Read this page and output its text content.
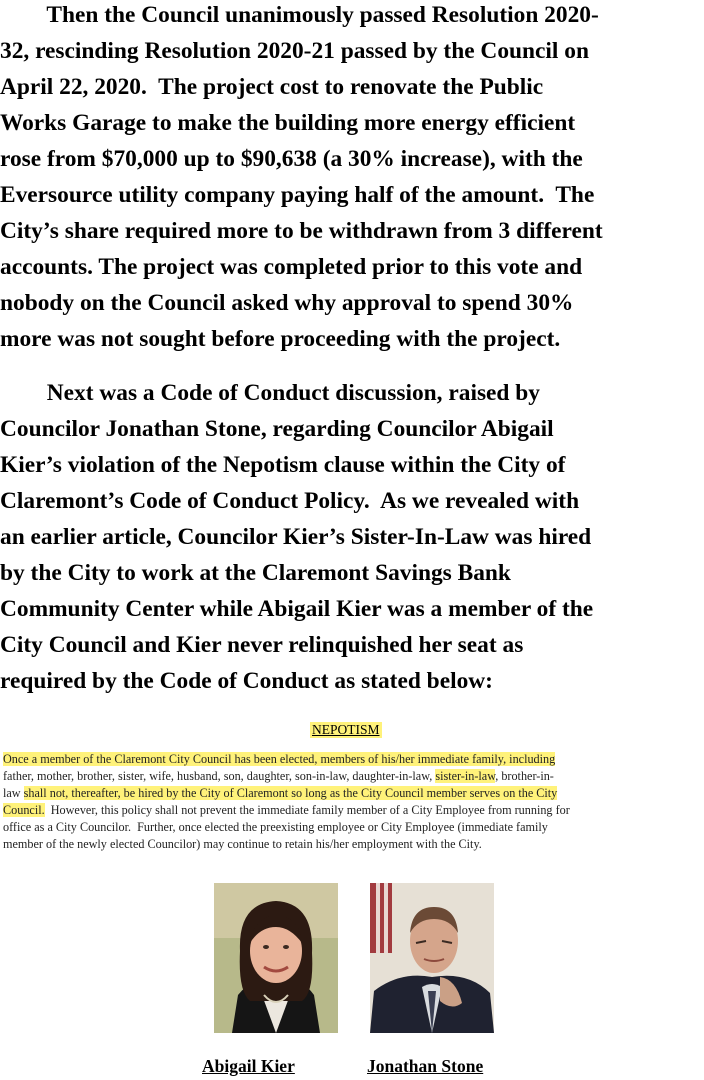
Then the Council unanimously passed Resolution 2020-
32, rescinding Resolution 2020-21 passed by the Council on
April 22, 2020.  The project cost to renovate the Public
Works Garage to make the building more energy efficient
rose from $70,000 up to $90,638 (a 30% increase), with the
Eversource utility company paying half of the amount.  The
City’s share required more to be withdrawn from 3 different
accounts. The project was completed prior to this vote and
nobody on the Council asked why approval to spend 30%
more was not sought before proceeding with the project.
Next was a Code of Conduct discussion, raised by
Councilor Jonathan Stone, regarding Councilor Abigail
Kier’s violation of the Nepotism clause within the City of
Claremont’s Code of Conduct Policy.  As we revealed with
an earlier article, Councilor Kier’s Sister-In-Law was hired
by the City to work at the Claremont Savings Bank
Community Center while Abigail Kier was a member of the
City Council and Kier never relinquished her seat as
required by the Code of Conduct as stated below:
NEPOTISM
Once a member of the Claremont City Council has been elected, members of his/her immediate family, including
father, mother, brother, sister, wife, husband, son, daughter, son-in-law, daughter-in-law, sister-in-law, brother-in-
law shall not, thereafter, be hired by the City of Claremont so long as the City Council member serves on the City
Council.  However, this policy shall not prevent the immediate family member of a City Employee from running for
office as a City Councilor.  Further, once elected the preexisting employee or City Employee (immediate family
member of the newly elected Councilor) may continue to retain his/her employment with the City.
Abigail Kier	Jonathan Stone
